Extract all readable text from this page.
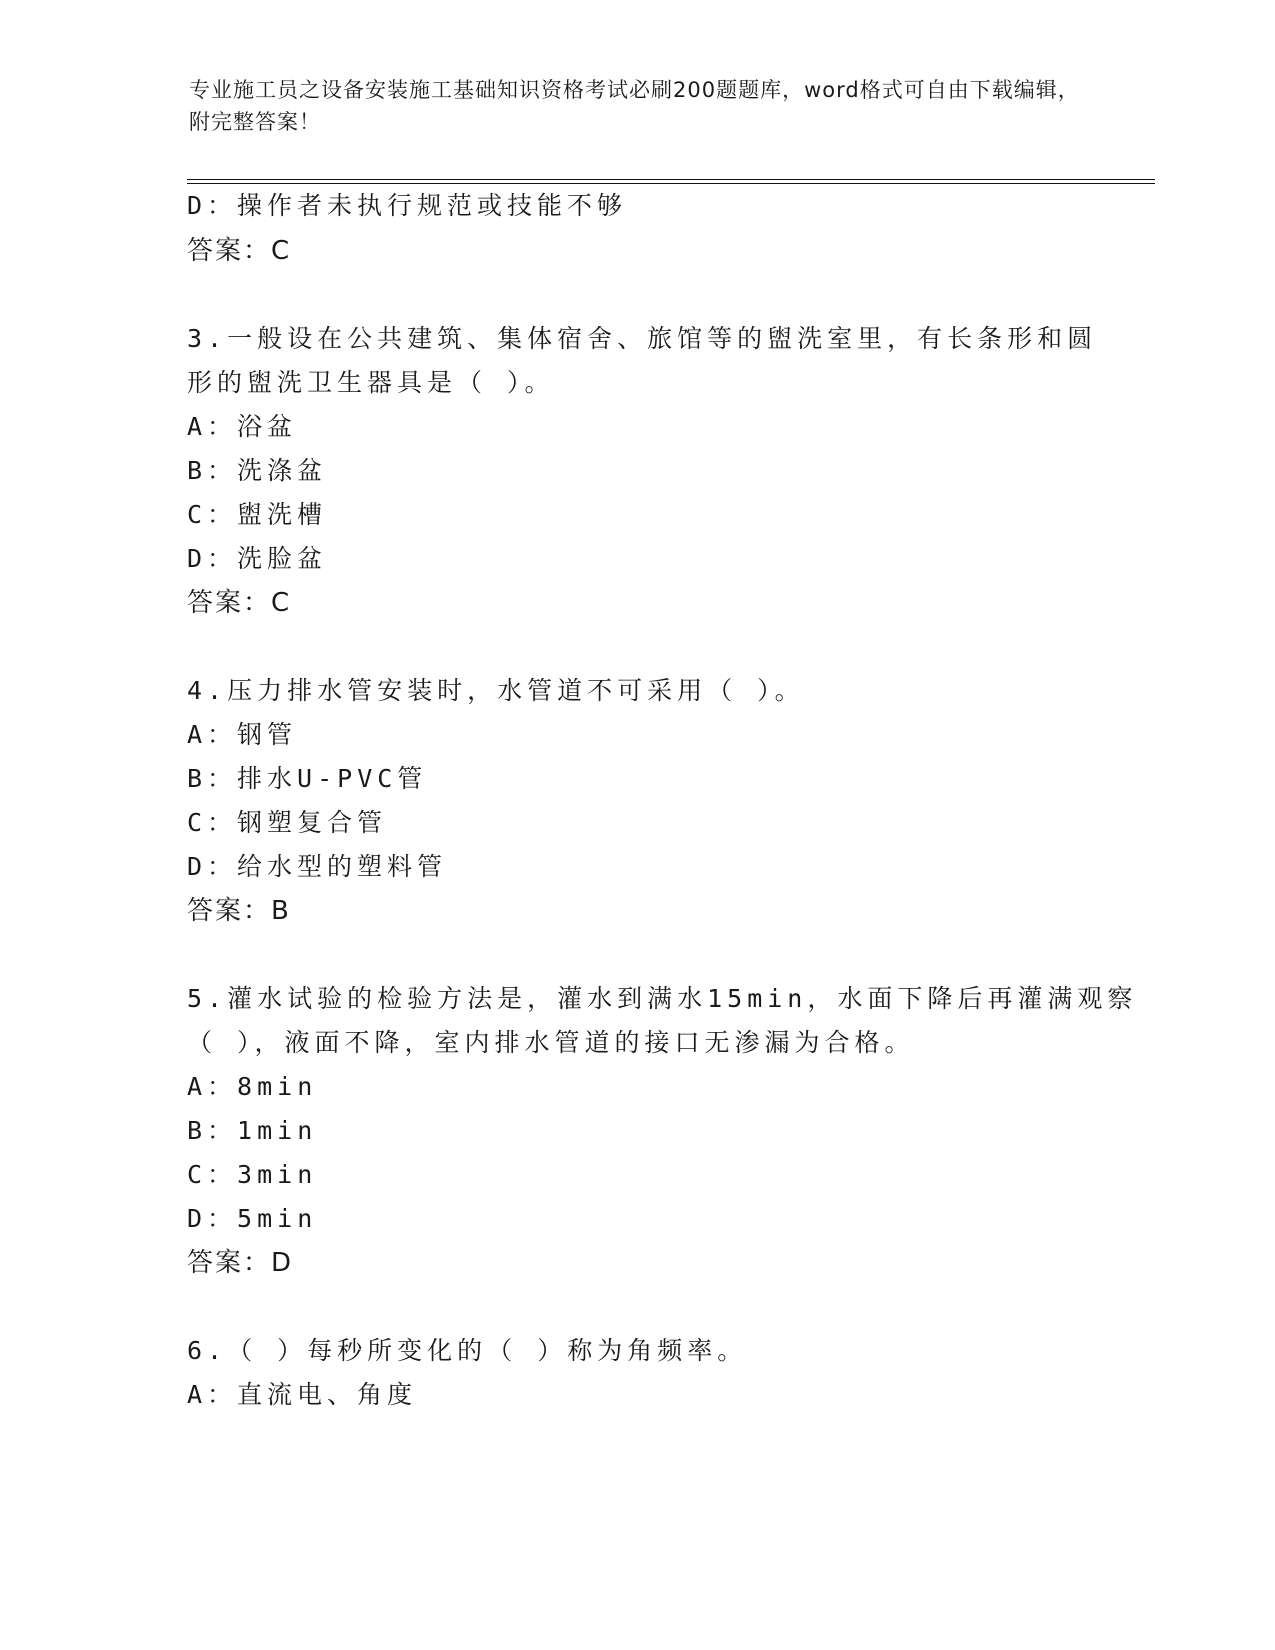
专业施工员之设备安装施工基础知识资格考试必刷200题题库，word格式可自由下载编辑，附完整答案！
D：操作者未执行规范或技能不够
答案：C
3.一般设在公共建筑、集体宿舍、旅馆等的盥洗室里，有长条形和圆
形的盥洗卫生器具是（ ）。
A：浴盆
B：洗涤盆
C：盥洗槽
D：洗脸盆
答案：C
4.压力排水管安装时，水管道不可采用（ ）。
A：钢管
B：排水U-PVC管
C：钢塑复合管
D：给水型的塑料管
答案：B
5.灌水试验的检验方法是，灌水到满水15min，水面下降后再灌满观察
（ ），液面不降，室内排水管道的接口无渗漏为合格。
A：8min
B：1min
C：3min
D：5min
答案：D
6.（ ）每秒所变化的（ ）称为角频率。
A：直流电、角度
